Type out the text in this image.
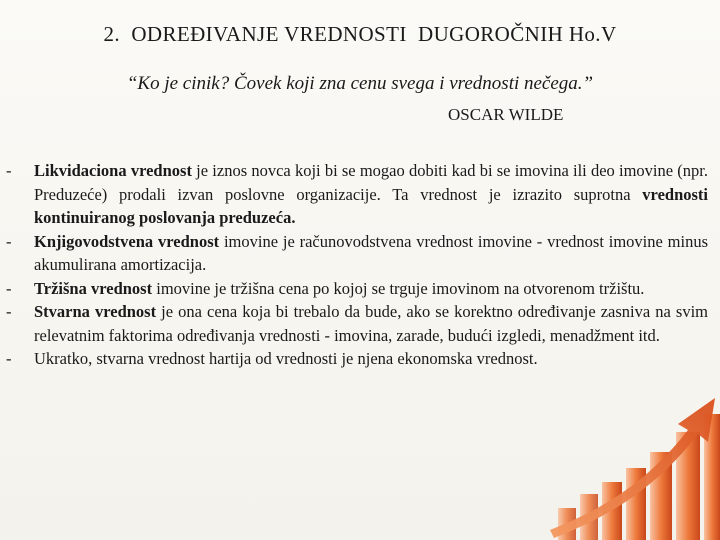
2.  ODREĐIVANJE VREDNOSTI  DUGOROČNIH Ho.V
“Ko je cinik? Čovek koji zna cenu svega i vrednosti nečega.”
OSCAR WILDE
-	Likvidaciona vrednost je iznos novca koji bi se mogao dobiti kad bi se imovina ili deo imovine (npr. Preduzeće) prodali izvan poslovne organizacije. Ta vrednost je izrazito suprotna vrednosti kontinuiranog poslovanja preduzeća.
-	Knjigovodstvena vrednost imovine je računovodstvena vrednost imovine - vrednost imovine minus akumulirana amortizacija.
-	Tržišna vrednost imovine je tržišna cena po kojoj se trguje imovinom na otvorenom tržištu.
-	Stvarna vrednost je ona cena koja bi trebalo da bude, ako se korektno određivanje zasniva na svim relevatnim faktorima određivanja vrednosti - imovina, zarade, budući izgledi, menadžment itd.
-	Ukratko, stvarna vrednost hartija od vrednosti je njena ekonomska vrednost.
